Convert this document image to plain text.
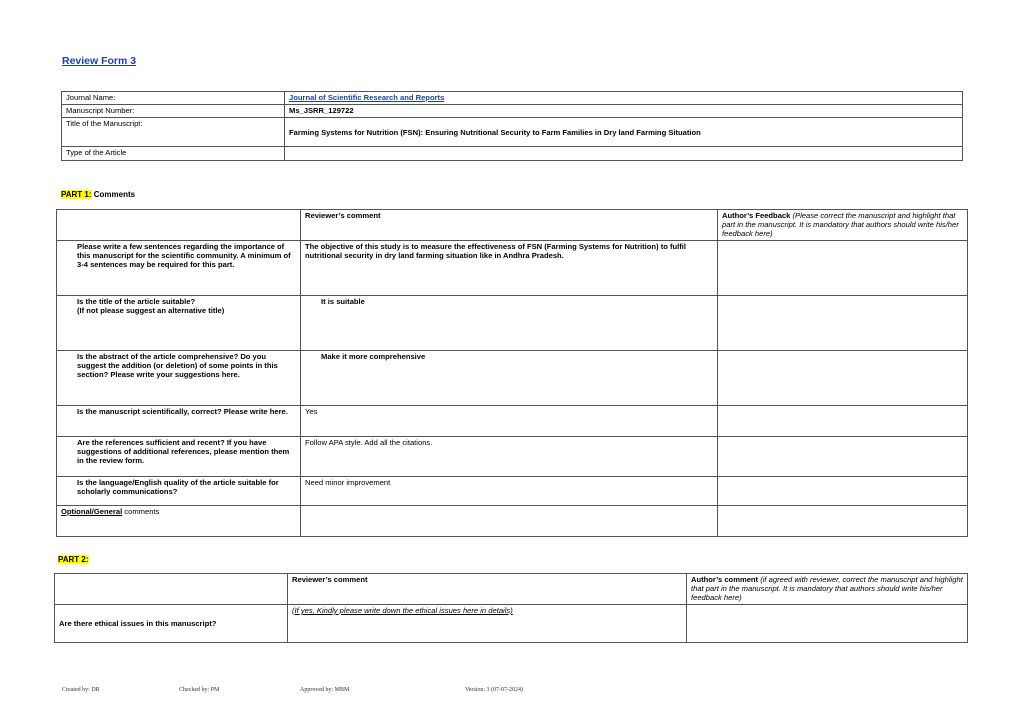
Review Form 3
Journal Name:	Journal of Scientific Research and Reports
Manuscript Number:	Ms_JSRR_129722
Title of the Manuscript:	Farming Systems for Nutrition (FSN): Ensuring Nutritional Security to Farm Families in Dry land Farming Situation
Type of the Article	
PART 1: Comments
	Reviewer’s comment	Author’s Feedback (Please correct the manuscript and highlight that part in the manuscript. It is mandatory that authors should write his/her feedback here)
Please write a few sentences regarding the importance of this manuscript for the scientific community. A minimum of 3-4 sentences may be required for this part.	The objective of this study is to measure the effectiveness of FSN (Farming Systems for Nutrition) to fulfil nutritional security in dry land farming situation like in Andhra Pradesh.	
Is the title of the article suitable?
(If not please suggest an alternative title)	It is suitable	
Is the abstract of the article comprehensive? Do you suggest the addition (or deletion) of some points in this section? Please write your suggestions here.	Make it more comprehensive	
Is the manuscript scientifically, correct? Please write here.	Yes	
Are the references sufficient and recent? If you have suggestions of additional references, please mention them in the review form.	Follow APA style. Add all the citations.	
Is the language/English quality of the article suitable for scholarly communications?	Need minor improvement	
Optional/General comments		
PART 2:
	Reviewer’s comment	Author’s comment (if agreed with reviewer, correct the manuscript and highlight that part in the manuscript. It is mandatory that authors should write his/her feedback here)
Are there ethical issues in this manuscript?	(If yes, Kindly please write down the ethical issues here in details)	
Created by: DR	Checked by: PM	Approved by: MBM	Version: 3 (07-07-2024)
